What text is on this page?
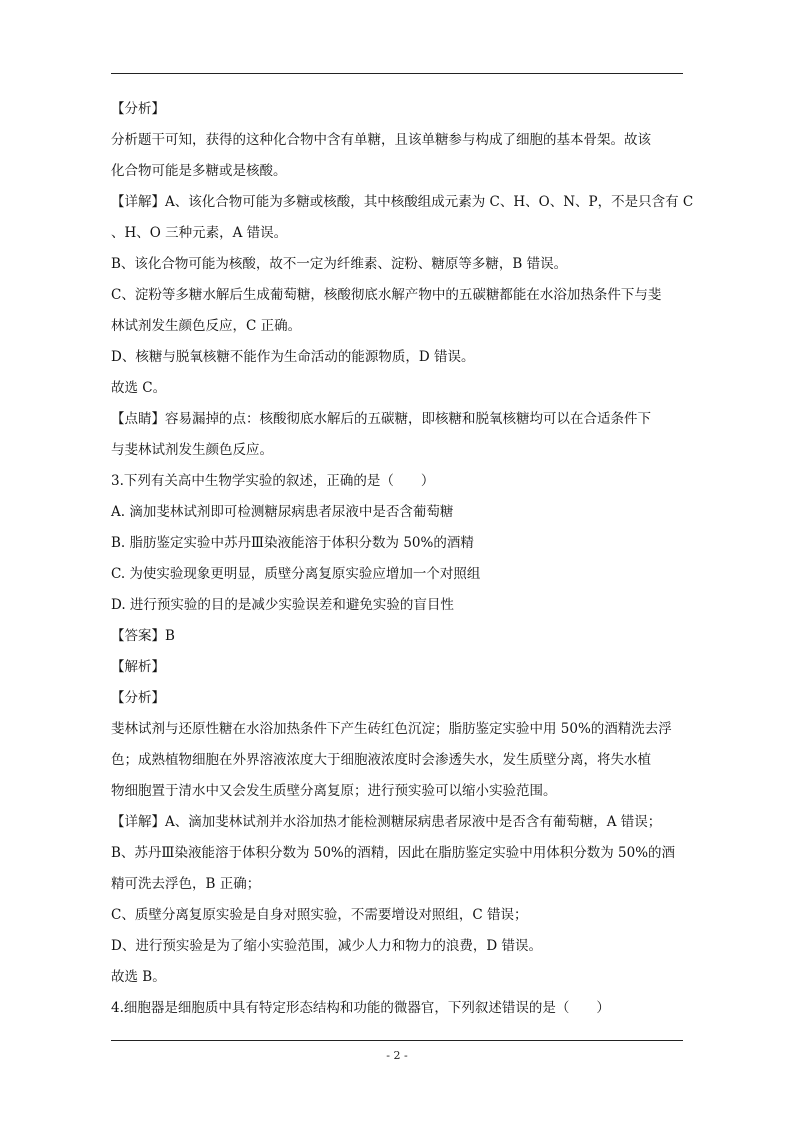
【分析】
分析题干可知，获得的这种化合物中含有单糖，且该单糖参与构成了细胞的基本骨架。故该
化合物可能是多糖或是核酸。
【详解】A、该化合物可能为多糖或核酸，其中核酸组成元素为 C、H、O、N、P，不是只含有 C
、H、O 三种元素，A 错误。
B、该化合物可能为核酸，故不一定为纤维素、淀粉、糖原等多糖，B 错误。
C、淀粉等多糖水解后生成葡萄糖，核酸彻底水解产物中的五碳糖都能在水浴加热条件下与斐
林试剂发生颜色反应，C 正确。
D、核糖与脱氧核糖不能作为生命活动的能源物质，D 错误。
故选 C。
【点睛】容易漏掉的点：核酸彻底水解后的五碳糖，即核糖和脱氧核糖均可以在合适条件下
与斐林试剂发生颜色反应。
3.下列有关高中生物学实验的叙述，正确的是（　　）
A. 滴加斐林试剂即可检测糖尿病患者尿液中是否含葡萄糖
B. 脂肪鉴定实验中苏丹Ⅲ染液能溶于体积分数为 50%的酒精
C. 为使实验现象更明显，质壁分离复原实验应增加一个对照组
D. 进行预实验的目的是减少实验误差和避免实验的盲目性
【答案】B
【解析】
【分析】
斐林试剂与还原性糖在水浴加热条件下产生砖红色沉淀；脂肪鉴定实验中用 50%的酒精洗去浮
色；成熟植物细胞在外界溶液浓度大于细胞液浓度时会渗透失水，发生质壁分离，将失水植
物细胞置于清水中又会发生质壁分离复原；进行预实验可以缩小实验范围。
【详解】A、滴加斐林试剂并水浴加热才能检测糖尿病患者尿液中是否含有葡萄糖，A 错误；
B、苏丹Ⅲ染液能溶于体积分数为 50%的酒精，因此在脂肪鉴定实验中用体积分数为 50%的酒
精可洗去浮色，B 正确；
C、质壁分离复原实验是自身对照实验，不需要增设对照组，C 错误；
D、进行预实验是为了缩小实验范围，减少人力和物力的浪费，D 错误。
故选 B。
4.细胞器是细胞质中具有特定形态结构和功能的微器官，下列叙述错误的是（　　）
- 2 -
